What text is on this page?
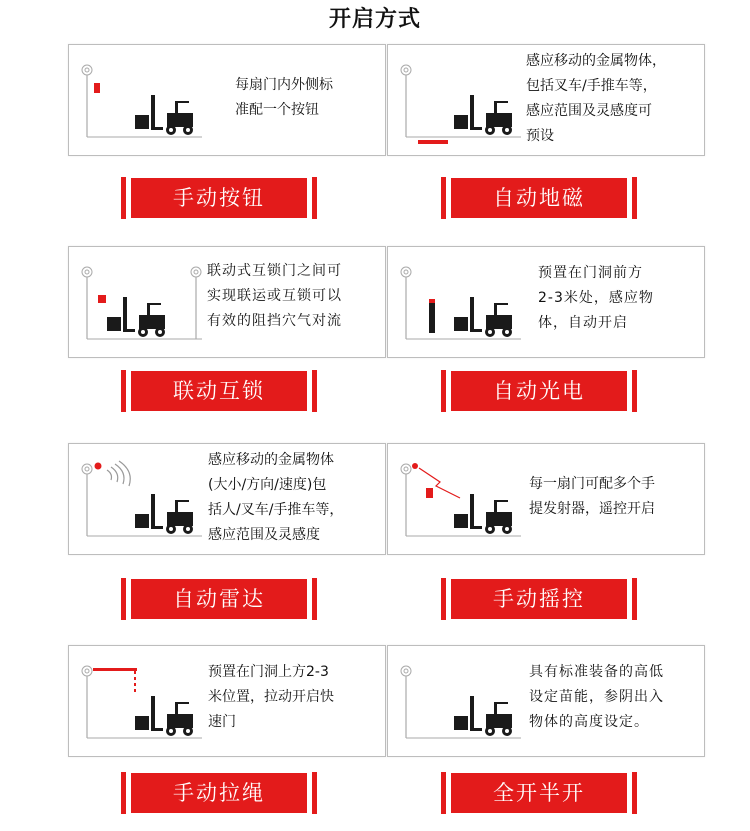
开启方式
每扇门内外侧标
准配一个按钮
手动按钮
感应移动的金属物体，
包括叉车/手推车等，
感应范围及灵感度可
预设
自动地磁
联动式互锁门之间可
实现联运或互锁可以
有效的阻挡穴气对流
联动互锁
预置在门洞前方
2-3米处，感应物
体，自动开启
自动光电
感应移动的金属物体
(大小/方向/速度)包
括人/叉车/手推车等，
感应范围及灵感度
自动雷达
每一扇门可配多个手
提发射器，遥控开启
手动摇控
预置在门洞上方2-3
米位置，拉动开启快
速门
手动拉绳
具有标准装备的高低
设定苗能，参阴出入
物体的高度设定。
全开半开
